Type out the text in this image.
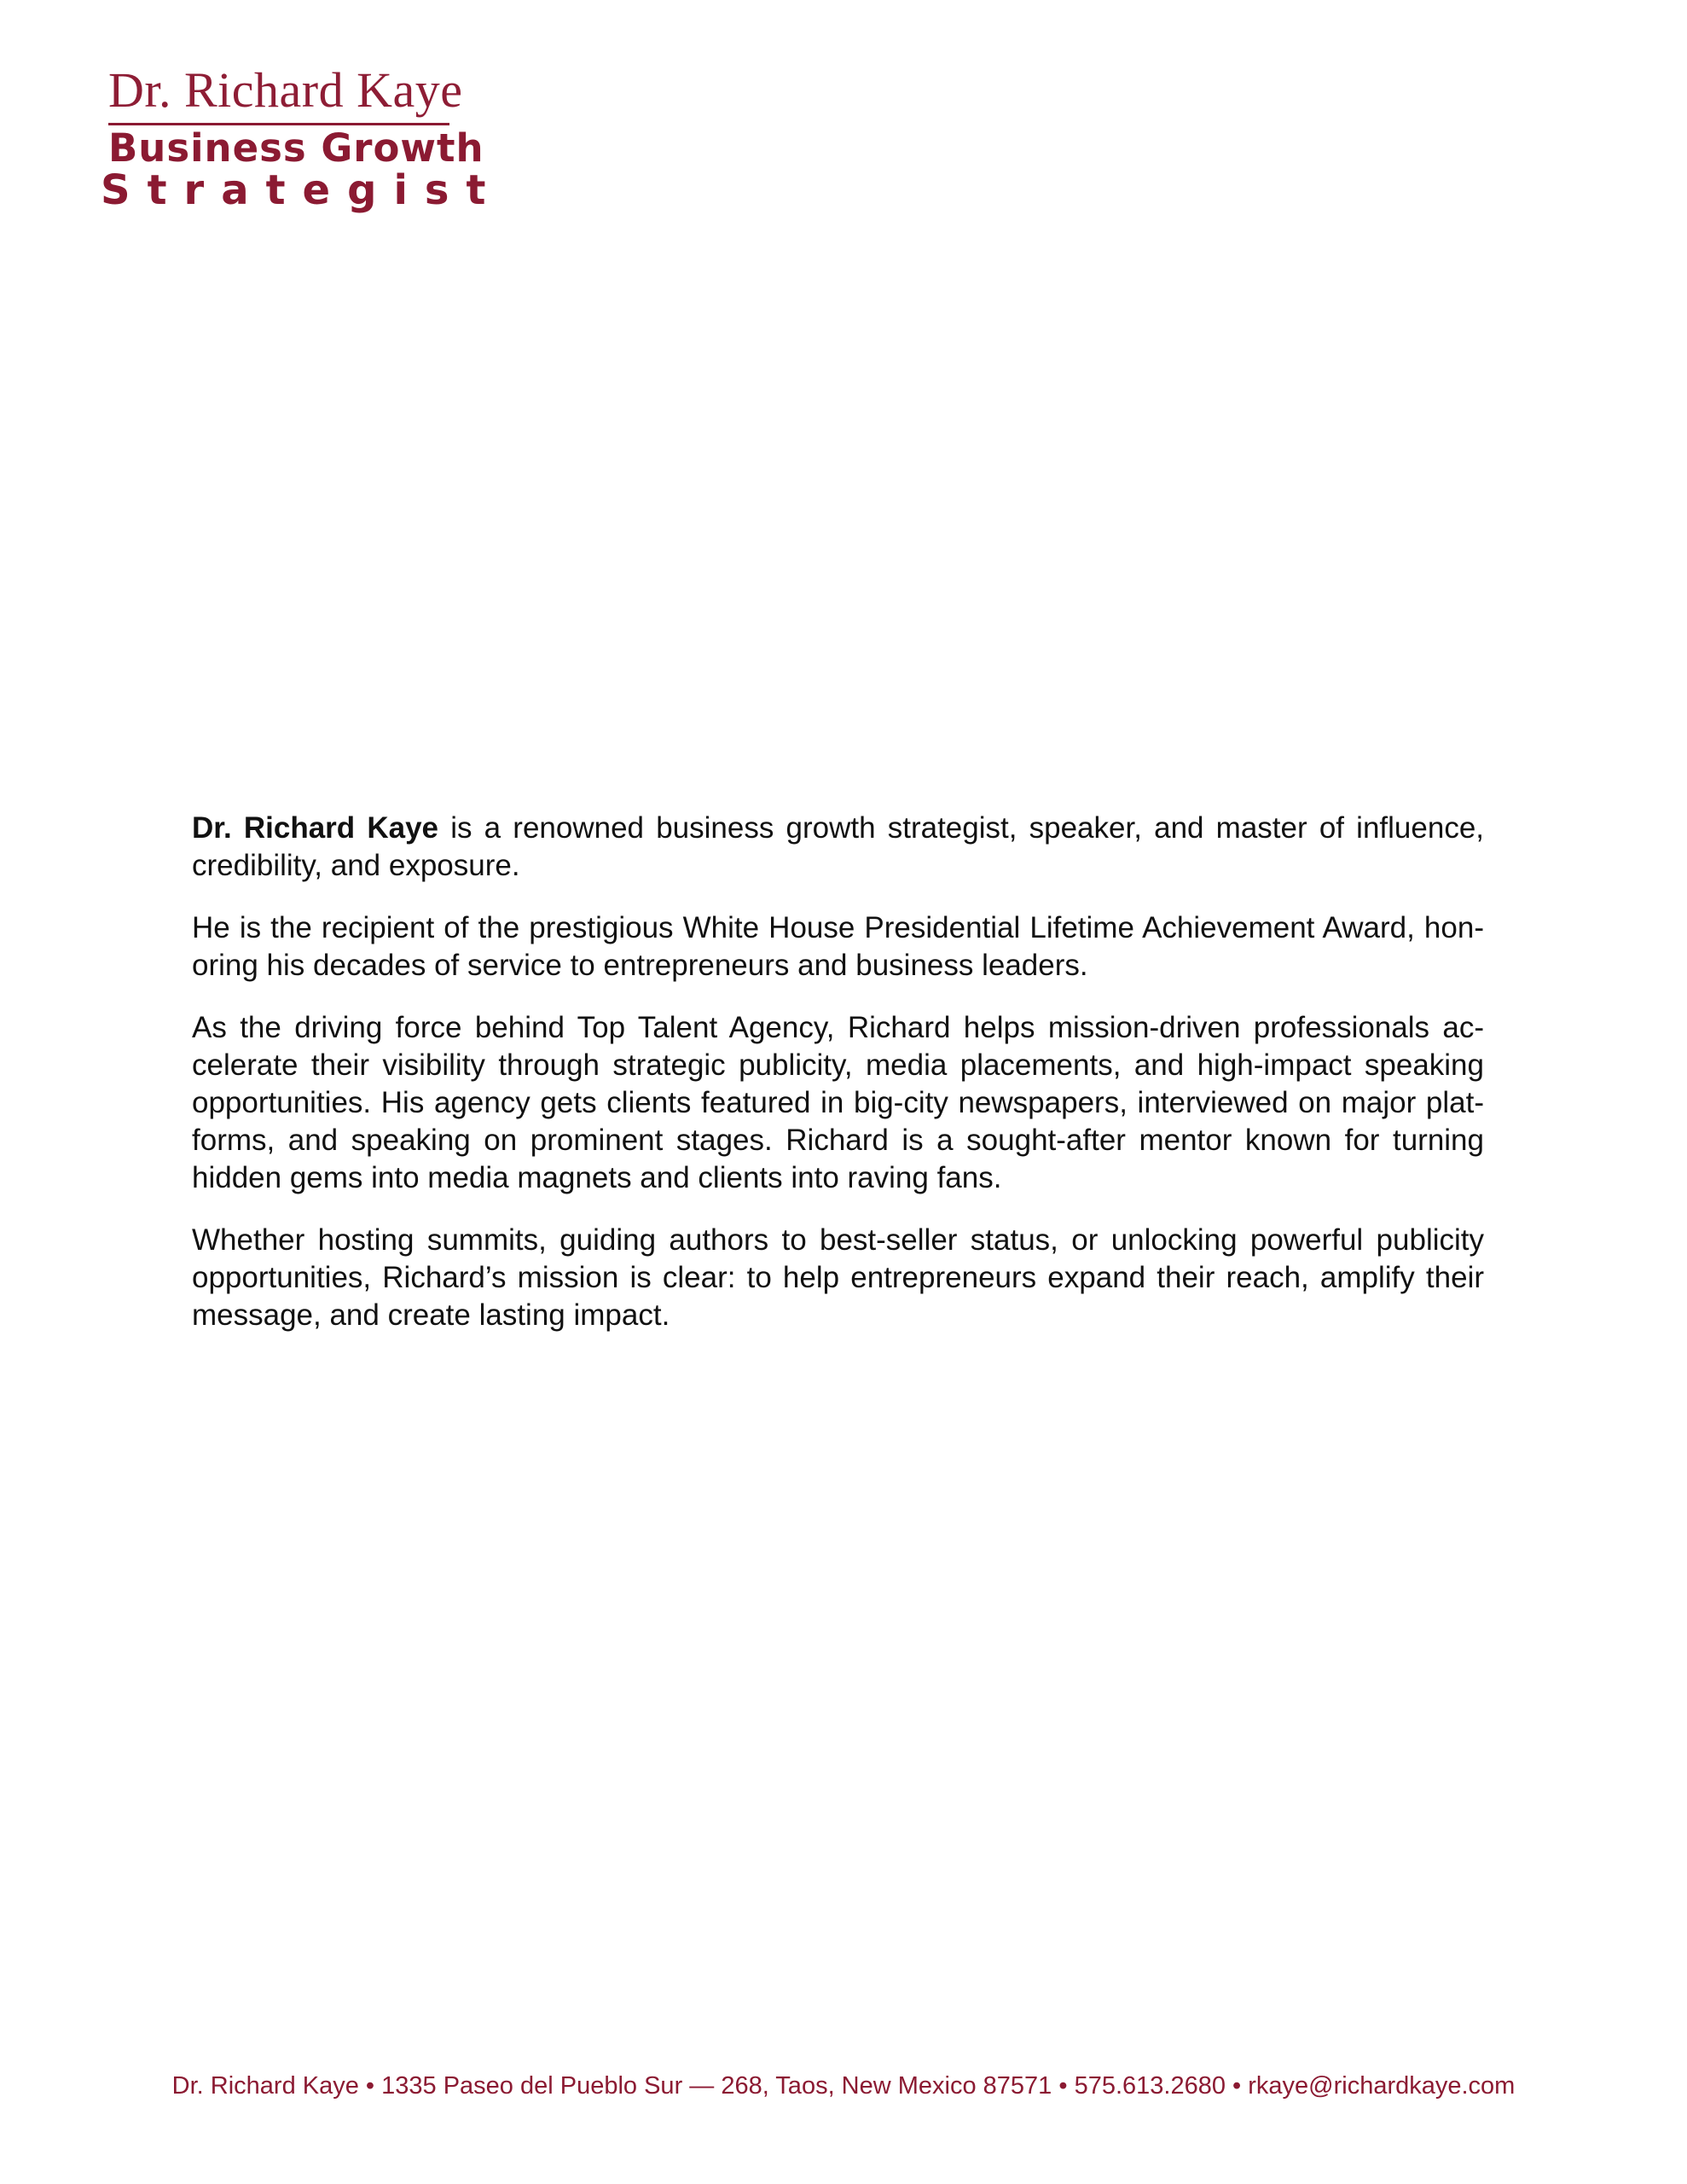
Dr. Richard Kaye
Business Growth
Strategist

Dr. Richard Kaye is a renowned business growth strategist, speaker, and master of influence, credibility, and exposure.

He is the recipient of the prestigious White House Presidential Lifetime Achievement Award, honoring his decades of service to entrepreneurs and business leaders.

As the driving force behind Top Talent Agency, Richard helps mission-driven professionals accelerate their visibility through strategic publicity, media placements, and high-impact speaking opportunities. His agency gets clients featured in big-city newspapers, interviewed on major platforms, and speaking on prominent stages. Richard is a sought-after mentor known for turning hidden gems into media magnets and clients into raving fans.

Whether hosting summits, guiding authors to best-seller status, or unlocking powerful publicity opportunities, Richard’s mission is clear: to help entrepreneurs expand their reach, amplify their message, and create lasting impact.

Dr. Richard Kaye • 1335 Paseo del Pueblo Sur — 268, Taos, New Mexico 87571 • 575.613.2680 • rkaye@richardkaye.com
